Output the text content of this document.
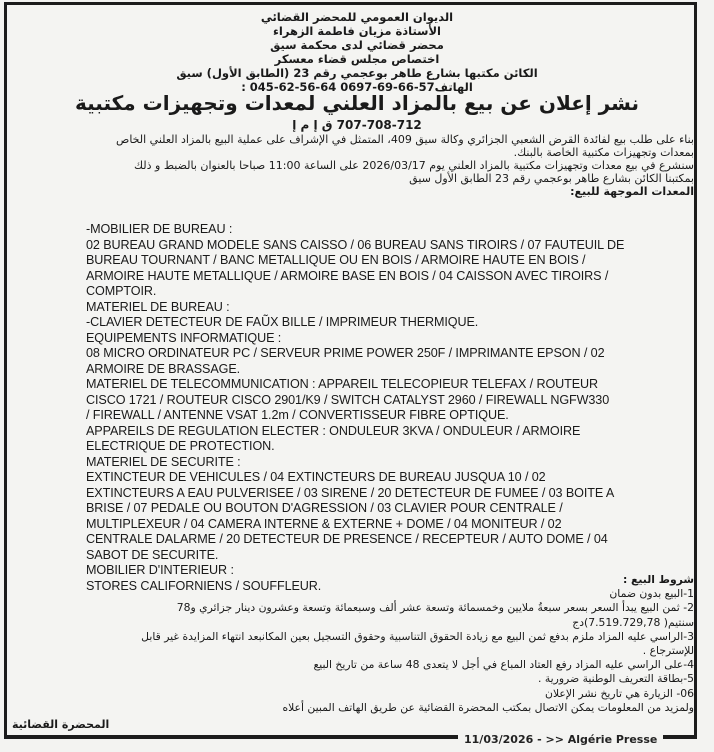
الديوان العمومي للمحضر القضائي
الأستاذة مزيان فاطمة الزهراء
محضر قضائي لدى محكمة سيق
اختصاص مجلس قضاء معسكر
الكائن مكتبها بشارع طاهر بوعجمي رقم 23 (الطابق الأول) سيق
الهاتف57-66-69-0697 64-56-62-045 :
نشر إعلان عن بيع بالمزاد العلني لمعدات وتجهيزات مكتبية
707-708-712 ق إ م إ
بناء على طلب بيع لفائدة القرض الشعبي الجزائري وكالة سيق 409، المتمثل في الإشراف على عملية البيع بالمزاد العلني الخاص
بمعدات وتجهيزات مكتبية الخاصة بالبنك.
سنشرع في بيع معدات وتجهيزات مكتبية بالمزاد العلني يوم 2026/03/17 على الساعة 11:00 صباحا بالعنوان بالضبط و ذلك
بمكتبنا الكائن بشارع طاهر بوعجمي رقم 23 الطابق الأول سيق
المعدات الموجهة للبيع:
-MOBILIER DE BUREAU :
02 BUREAU GRAND MODELE SANS CAISSO / 06 BUREAU SANS TIROIRS / 07 FAUTEUIL DE
BUREAU TOURNANT / BANC METALLIQUE OU EN BOIS / ARMOIRE HAUTE EN BOIS /
ARMOIRE HAUTE METALLIQUE / ARMOIRE BASE EN BOIS / 04 CAISSON AVEC TIROIRS /
COMPTOIR.
MATERIEL DE BUREAU :
-CLAVIER DETECTEUR DE FAŨX BILLE / IMPRIMEUR THERMIQUE.
EQUIPEMENTS INFORMATIQUE :
08 MICRO ORDINATEUR PC / SERVEUR PRIME POWER 250F / IMPRIMANTE EPSON / 02
ARMOIRE DE BRASSAGE.
MATERIEL DE TELECOMMUNICATION : APPAREIL TELECOPIEUR TELEFAX / ROUTEUR
CISCO 1721 / ROUTEUR CISCO 2901/K9 / SWITCH CATALYST 2960 / FIREWALL NGFW330
/ FIREWALL / ANTENNE VSAT 1.2m / CONVERTISSEUR FIBRE OPTIQUE.
APPAREILS DE REGULATION ELECTER : ONDULEUR 3KVA / ONDULEUR / ARMOIRE
ELECTRIQUE DE PROTECTION.
MATERIEL DE SECURITE :
EXTINCTEUR DE VEHICULES / 04 EXTINCTEURS DE BUREAU JUSQUA 10 / 02
EXTINCTEURS A EAU PULVERISEE / 03 SIRENE / 20 DETECTEUR DE FUMEE / 03 BOITE A
BRISE / 07 PEDALE OU BOUTON D'AGRESSION / 03 CLAVIER POUR CENTRALE /
MULTIPLEXEUR / 04 CAMERA INTERNE & EXTERNE + DOME / 04 MONITEUR / 02
CENTRALE DALARME / 20 DETECTEUR DE PRESENCE / RECEPTEUR / AUTO DOME / 04
SABOT DE SECURITE.
MOBILIER D'INTERIEUR :
STORES CALIFORNIENS / SOUFFLEUR.	شروط البيع :
1-البيع بدون ضمان
2- ثمن البيع يبدأ السعر بسعر سبعةُ ملايين وخمسمائة وتسعة عشر ألف وسبعمائة وتسعة وعشرون دينار جزائري و78
سنتيم( 7.519.729,78)دج
3-الراسي عليه المزاد ملزم بدفع ثمن البيع مع زيادة الحقوق التناسبية وحقوق التسجيل بعين المكانبعد انتهاء المزايدة غير قابل
للإسترجاع .
4-على الراسي عليه المزاد رفع العتاد المباع في أجل لا يتعدى 48 ساعة من تاريخ البيع
5-بطاقة التعريف الوطنية ضرورية .
06- الزيارة هي تاريخ نشر الإعلان
ولمزيد من المعلومات يمكن الاتصال بمكتب المحضرة القضائية عن طريق الهاتف المبين أعلاه
المحضرة القضائية
11/03/2026 - >> Algérie Presse
